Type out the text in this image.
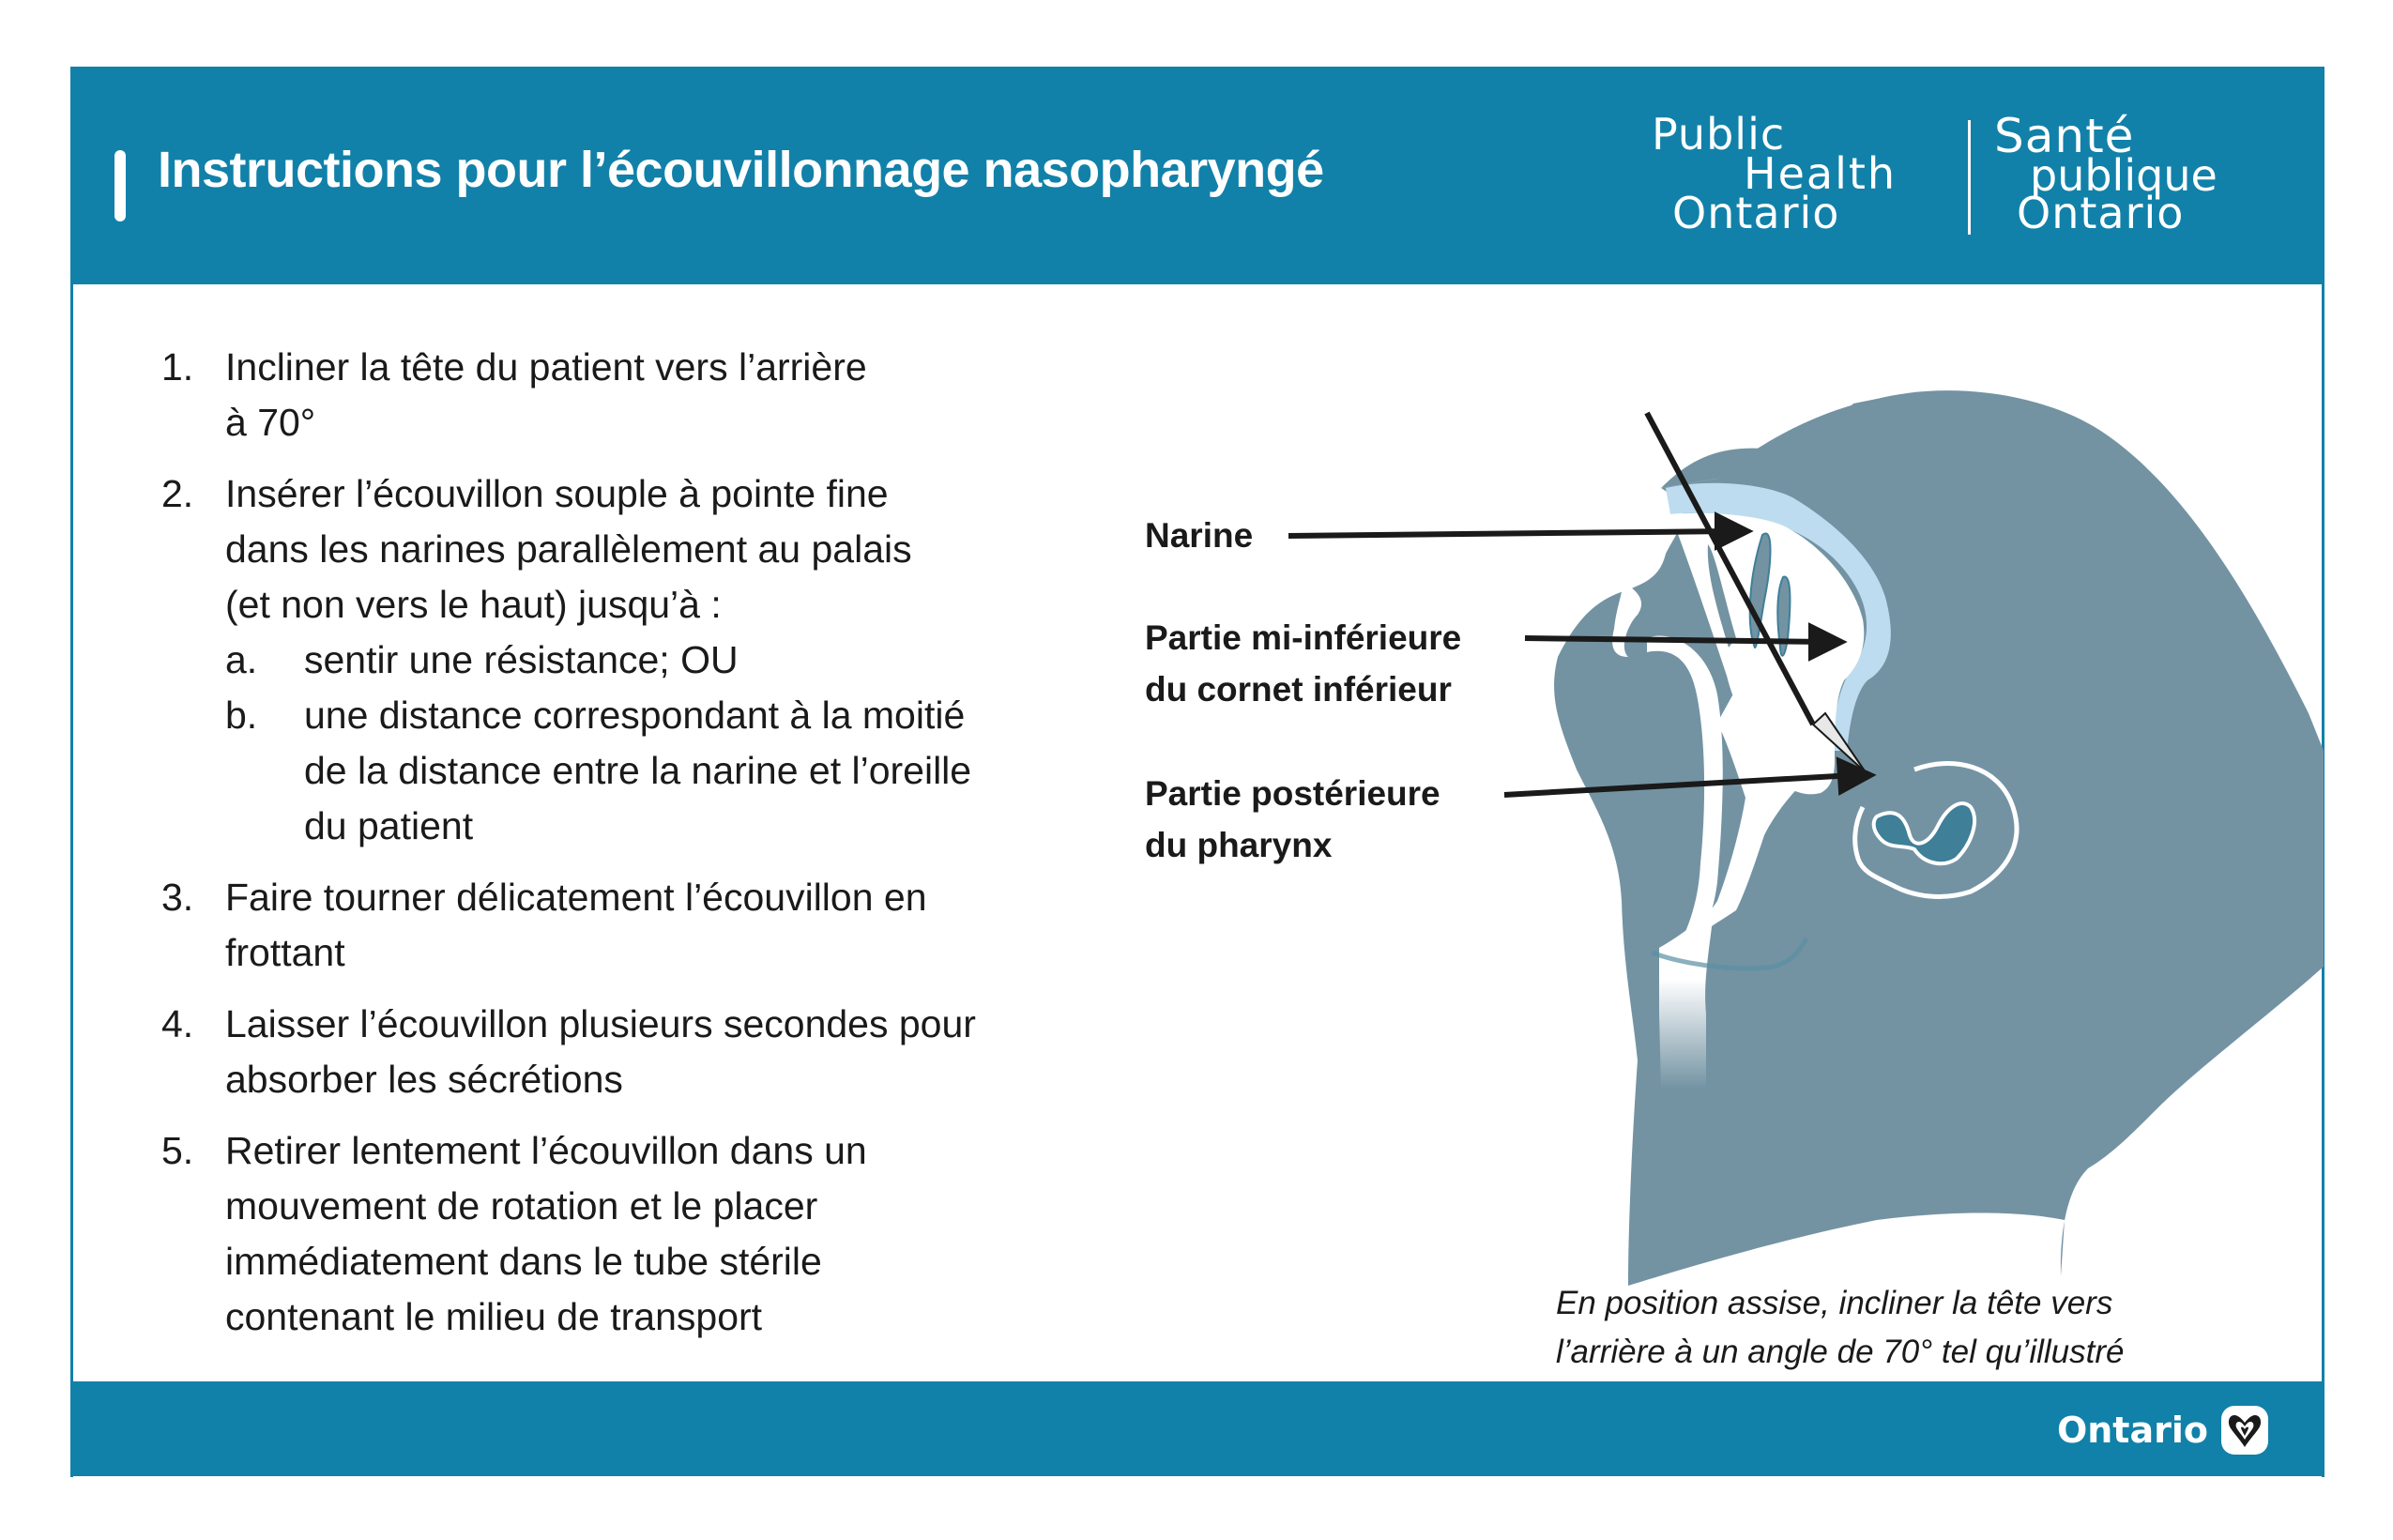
Instructions pour l’écouvillonnage nasopharyngé
Public
Health
Ontario
Santé
publique
Ontario
1. Incliner la tête du patient vers l’arrière
à 70°
2. Insérer l’écouvillon souple à pointe fine
dans les narines parallèlement au palais
(et non vers le haut) jusqu’à :
a.	sentir une résistance; OU
b.	une distance correspondant à la moitié
de la distance entre la narine et l’oreille
du patient
3. Faire tourner délicatement l’écouvillon en
frottant
4. Laisser l’écouvillon plusieurs secondes pour
absorber les sécrétions
5. Retirer lentement l’écouvillon dans un
mouvement de rotation et le placer
immédiatement dans le tube stérile
contenant le milieu de transport
Narine
Partie mi-inférieure
du cornet inférieur
Partie postérieure
du pharynx
En position assise, incliner la tête vers
l’arrière à un angle de 70° tel qu’illustré
Ontario
